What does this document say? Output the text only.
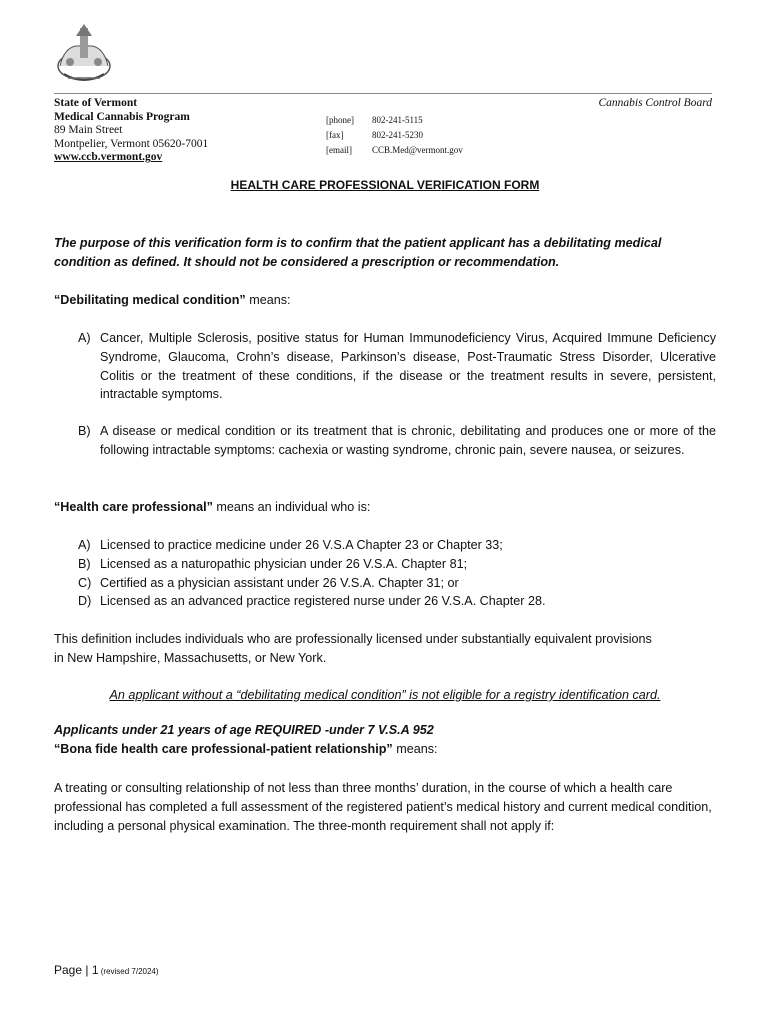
State of Vermont
Medical Cannabis Program
89 Main Street
Montpelier, Vermont 05620-7001
www.ccb.vermont.gov
Cannabis Control Board
[phone]	802-241-5115
[fax]	802-241-5230
[email]	CCB.Med@vermont.gov
HEALTH CARE PROFESSIONAL VERIFICATION FORM
The purpose of this verification form is to confirm that the patient applicant has a debilitating medical condition as defined. It should not be considered a prescription or recommendation.
“Debilitating medical condition” means:
A) Cancer, Multiple Sclerosis, positive status for Human Immunodeficiency Virus, Acquired Immune Deficiency Syndrome, Glaucoma, Crohn’s disease, Parkinson’s disease, Post-Traumatic Stress Disorder, Ulcerative Colitis or the treatment of these conditions, if the disease or the treatment results in severe, persistent, intractable symptoms.
B) A disease or medical condition or its treatment that is chronic, debilitating and produces one or more of the following intractable symptoms: cachexia or wasting syndrome, chronic pain, severe nausea, or seizures.
“Health care professional” means an individual who is:
A) Licensed to practice medicine under 26 V.S.A Chapter 23 or Chapter 33;
B) Licensed as a naturopathic physician under 26 V.S.A. Chapter 81;
C) Certified as a physician assistant under 26 V.S.A. Chapter 31; or
D) Licensed as an advanced practice registered nurse under 26 V.S.A. Chapter 28.
This definition includes individuals who are professionally licensed under substantially equivalent provisions in New Hampshire, Massachusetts, or New York.
An applicant without a “debilitating medical condition” is not eligible for a registry identification card.
Applicants under 21 years of age REQUIRED -under 7 V.S.A 952
“Bona fide health care professional-patient relationship” means:
A treating or consulting relationship of not less than three months’ duration, in the course of which a health care professional has completed a full assessment of the registered patient’s medical history and current medical condition, including a personal physical examination. The three-month requirement shall not apply if:
Page | 1 (revised 7/2024)
